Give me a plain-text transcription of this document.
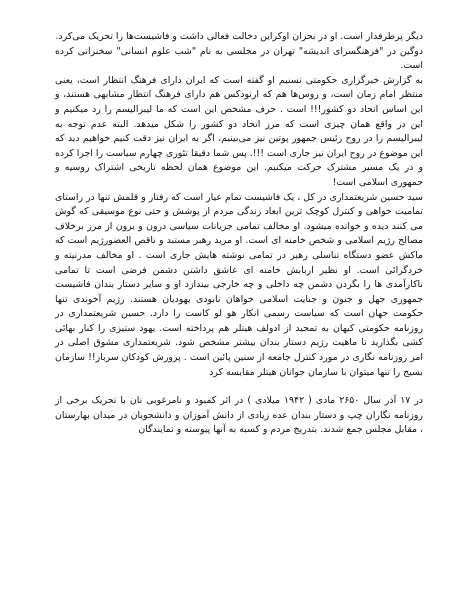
دیگر پرطرفدار است. او در بحران اوکراین دخالت فعالی داشت و فاشیست‌ها را تحریک می‌کرد.

دوگین در "فرهنگسرای اندیشه" تهران در مجلسی به نام "شب علوم انسانی" سخنرانی کرده است.

به گزارش خبرگزاری حکومتی تسنیم او گفته است که ایران دارای فرهنگ انتظار است، یعنی منتظر امام زمان است، و روس‌ها هم که ارتودکس هم دارای فرهنگ انتظار مشابهی هستند، و این اساس اتحاد دو کشور!!! است . حرف مشخص این است که ما لیبرالیسم را رد میکنیم و این در واقع همان چیزی است که مرز اتحاد دو کشور را شکل میدهد. البته عدم توجه به لیبرالیسم را در روح رئیس جمهور پوتین نیز می‌بینیم، اگر به ایران نیز دقت کنیم خواهیم دید که این موضوع در روح ایران نیز جاری است !!!. پس شما دقیقا تئوری چهارم سیاست را اجرا کرده و در یک مسیر مشترک حرکت میکنیم. این موضوع همان لحظه تاریخی اشتراک روسیه و جمهوری اسلامی است!

سید حسین شریعتمداری در کل ، یک فاشیست تمام عیار است که رفتار و قلمش تنها در راستای تمامیت خواهی و کنترل کوچک ترین ابعاد زندگی مردم از پوشش و حتی نوع موسیقی که گوش می کنند دیده و خوانده میشود. او مخالف تمامی جریانات سیاسی درون و برون از مرز برخلاف مصالح رژیم اسلامی و شخص خامنه ای است. او مرید رهبر مستبد و ناقص العضورژیم است که ماکش عضو دستگاه تناسلی رهبر در تمامی نوشته هایش جاری است . او مخالف مدرنیته و خردگرائی است. او نظیر اربابش خامنه ای عاشق داشتن دشمن فرضی است تا تمامی ناکارآمدی ها را بگردن دشمن چه داخلی و چه خارجی بیندازد او و سایر دستار بندان فاشیست جمهوری جهل و جنون و جنایت اسلامی خواهان نابودی یهودیان هستند. رژیم آخوندی تنها حکومت جهان است که سیاست رسمی انکار هو لو کاست را دارد. حسین شریعتمداری در روزنامه حکومتی کیهان به تمجید از ادولف هیتلر هم پرداخته است. یهود ستیزی را کنار بهائی کشی بگذارید تا ماهیت رژیم دستار بندان بیشتر مشخص شود. شریعتمداری مشوق اصلی در امر روزنامه نگاری در مورد کنترل جامعه از سنین پائین است . پرورش کودکان سرباز!! سازمان بسیج را تنها میتوان با سازمان جوانان هیتلر مقایسه کرد

در ۱۷ آذر سال ۲۶۵۰ مادی ( ۱۹۴۲ میلادی ) در اثر کمبود و نامرغوبی نان با تحریک برخی از روزنامه نگاران چپ و دستار بندان عده زیادی از دانش آموزان و دانشجویان در میدان بهارستان ، مقابل مجلس جمع شدند. بتدریج مردم و کسبه به آنها پیوسته و نمایندگان
